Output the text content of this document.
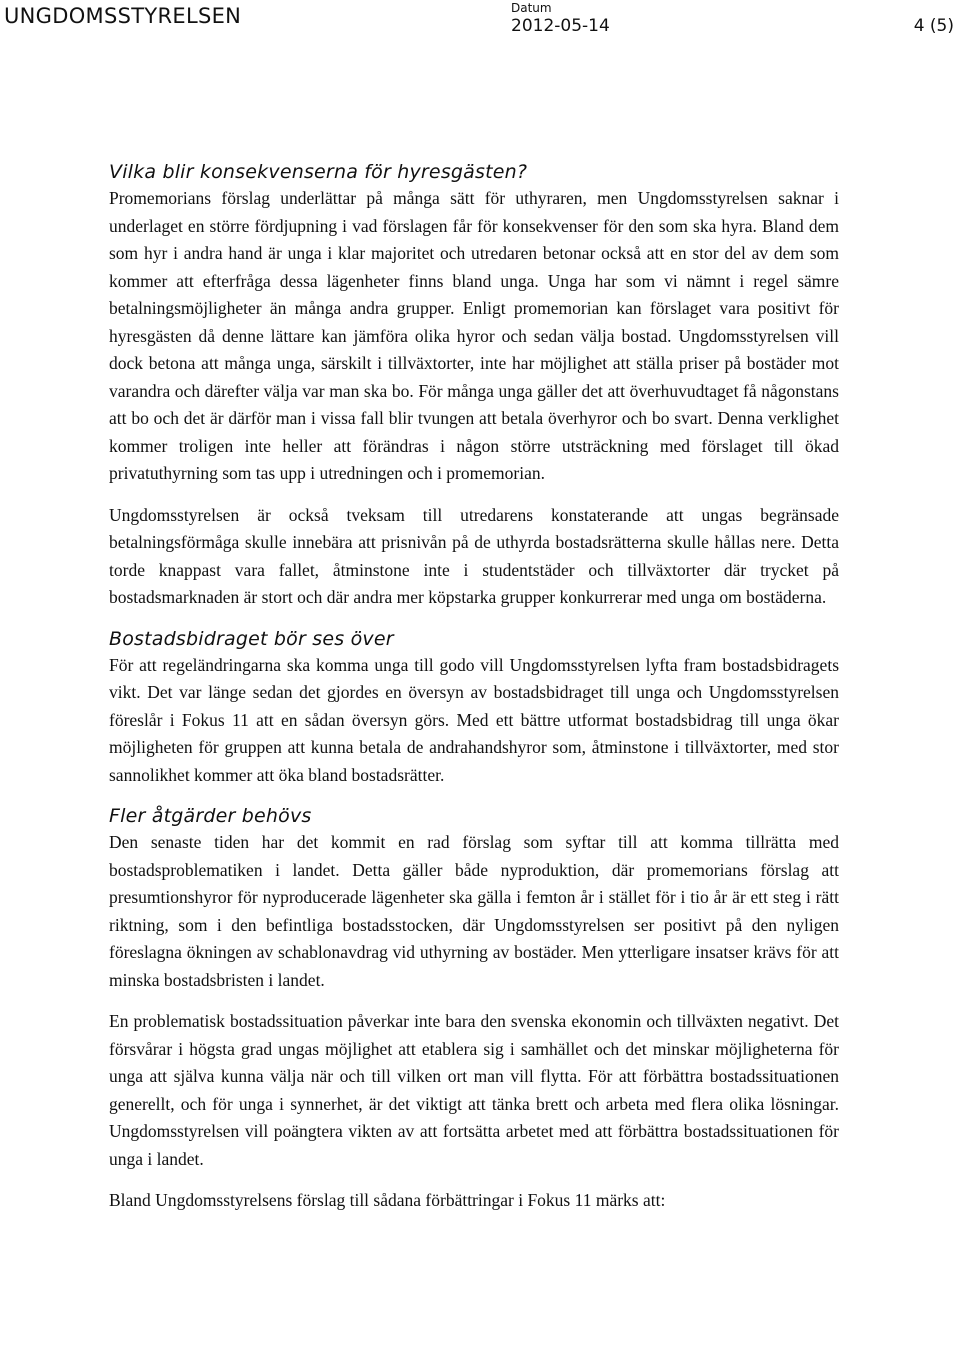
UNGDOMSSTYRELSEN	Datum
2012-05-14	4 (5)
Vilka blir konsekvenserna för hyresgästen?

Promemorians förslag underlättar på många sätt för uthyraren, men Ungdomsstyrelsen saknar i underlaget en större fördjupning i vad förslagen får för konsekvenser för den som ska hyra. Bland dem som hyr i andra hand är unga i klar majoritet och utredaren betonar också att en stor del av dem som kommer att efterfråga dessa lägenheter finns bland unga. Unga har som vi nämnt i regel sämre betalningsmöjligheter än många andra grupper. Enligt promemorian kan förslaget vara positivt för hyresgästen då denne lättare kan jämföra olika hyror och sedan välja bostad. Ungdomsstyrelsen vill dock betona att många unga, särskilt i tillväxtorter, inte har möjlighet att ställa priser på bostäder mot varandra och därefter välja var man ska bo. För många unga gäller det att överhuvudtaget få någonstans att bo och det är därför man i vissa fall blir tvungen att betala överhyror och bo svart. Denna verklighet kommer troligen inte heller att förändras i någon större utsträckning med förslaget till ökad privatuthyrning som tas upp i utredningen och i promemorian.

Ungdomsstyrelsen är också tveksam till utredarens konstaterande att ungas begränsade betalningsförmåga skulle innebära att prisnivån på de uthyrda bostadsrätterna skulle hållas nere. Detta torde knappast vara fallet, åtminstone inte i studentstäder och tillväxtorter där trycket på bostadsmarknaden är stort och där andra mer köpstarka grupper konkurrerar med unga om bostäderna.

Bostadsbidraget bör ses över

För att regeländringarna ska komma unga till godo vill Ungdomsstyrelsen lyfta fram bostadsbidragets vikt. Det var länge sedan det gjordes en översyn av bostadsbidraget till unga och Ungdomsstyrelsen föreslår i Fokus 11 att en sådan översyn görs. Med ett bättre utformat bostadsbidrag till unga ökar möjligheten för gruppen att kunna betala de andrahandshyror som, åtminstone i tillväxtorter, med stor sannolikhet kommer att öka bland bostadsrätter.

Fler åtgärder behövs

Den senaste tiden har det kommit en rad förslag som syftar till att komma tillrätta med bostadsproblematiken i landet. Detta gäller både nyproduktion, där promemorians förslag att presumtionshyror för nyproducerade lägenheter ska gälla i femton år i stället för i tio år är ett steg i rätt riktning, som i den befintliga bostadsstocken, där Ungdomsstyrelsen ser positivt på den nyligen föreslagna ökningen av schablonavdrag vid uthyrning av bostäder. Men ytterligare insatser krävs för att minska bostadsbristen i landet.

En problematisk bostadssituation påverkar inte bara den svenska ekonomin och tillväxten negativt. Det försvårar i högsta grad ungas möjlighet att etablera sig i samhället och det minskar möjligheterna för unga att själva kunna välja när och till vilken ort man vill flytta. För att förbättra bostadssituationen generellt, och för unga i synnerhet, är det viktigt att tänka brett och arbeta med flera olika lösningar. Ungdomsstyrelsen vill poängtera vikten av att fortsätta arbetet med att förbättra bostadssituationen för unga i landet.

Bland Ungdomsstyrelsens förslag till sådana förbättringar i Fokus 11 märks att:
